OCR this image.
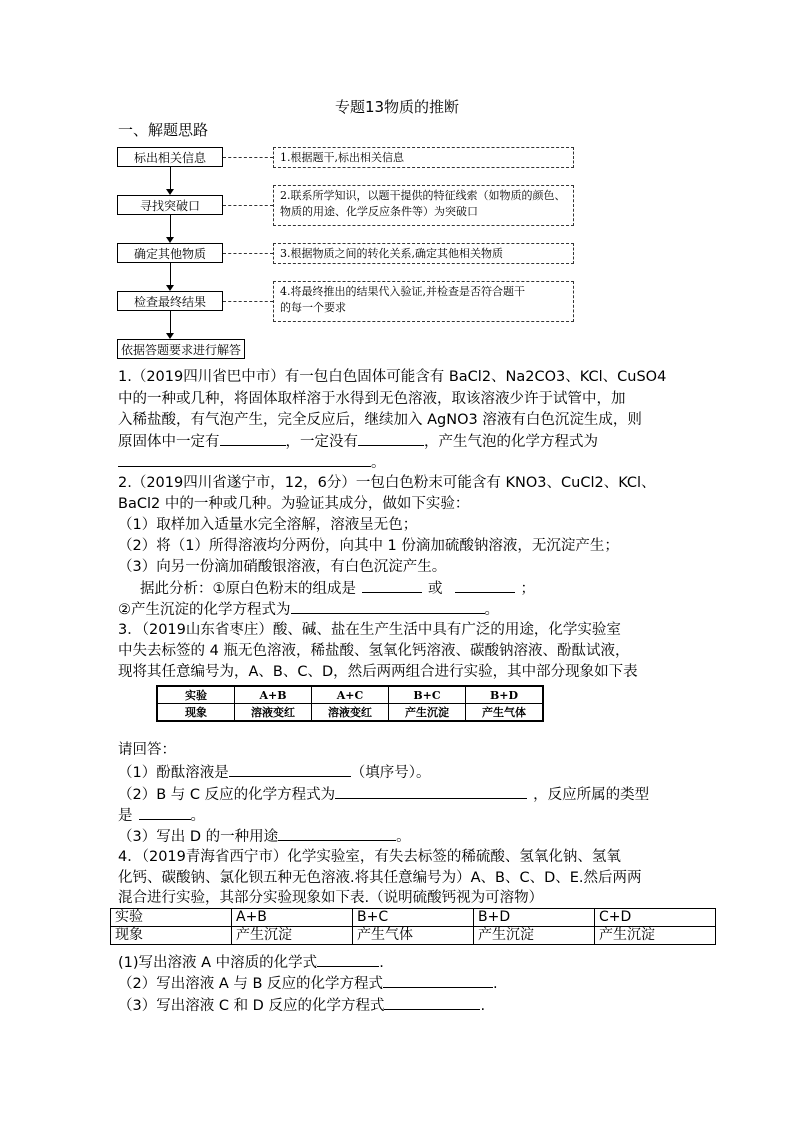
专题13物质的推断
一、解题思路
标出相关信息
寻找突破口
确定其他物质
检查最终结果
依据答题要求进行解答
1.根据题干,标出相关信息
2.联系所学知识，以题干提供的特征线索（如物质的颜色、物质的用途、化学反应条件等）为突破口
3.根据物质之间的转化关系,确定其他相关物质
4.将最终推出的结果代入验证,并检查是否符合题干的每一个要求
1.（2019四川省巴中市）有一包白色固体可能含有 BaCl2、Na2CO3、KCl、CuSO4
中的一种或几种，将固体取样溶于水得到无色溶液，取该溶液少许于试管中，加
入稀盐酸，有气泡产生，完全反应后，继续加入 AgNO3 溶液有白色沉淀生成，则
原固体中一定有	，一定没有	，产生气泡的化学方程式为
。
2.（2019四川省遂宁市，12，6分）一包白色粉末可能含有 KNO3、CuCl2、KCl、
BaCl2 中的一种或几种。为验证其成分，做如下实验：
（1）取样加入适量水完全溶解，溶液呈无色；
（2）将（1）所得溶液均分两份，向其中 1 份滴加硫酸钠溶液，无沉淀产生；
（3）向另一份滴加硝酸银溶液，有白色沉淀产生。
据此分析：①原白色粉末的组成是	或	；
②产生沉淀的化学方程式为	。
3．（2019山东省枣庄）酸、碱、盐在生产生活中具有广泛的用途，化学实验室
中失去标签的 4 瓶无色溶液，稀盐酸、氢氧化钙溶液、碳酸钠溶液、酚酞试液，
现将其任意编号为，A、B、C、D，然后两两组合进行实验，其中部分现象如下表
实验	A+B	A+C	B+C	B+D
现象	溶液变红	溶液变红	产生沉淀	产生气体
请回答：
（1）酚酞溶液是	（填序号）。
（2）B 与 C 反应的化学方程式为	，反应所属的类型
是	。
（3）写出 D 的一种用途	。
4．（2019青海省西宁市）化学实验室，有失去标签的稀硫酸、氢氧化钠、氢氧
化钙、碳酸钠、氯化钡五种无色溶液.将其任意编号为）A、B、C、D、E.然后两两
混合进行实验，其部分实验现象如下表.（说明硫酸钙视为可溶物）
实验	A+B	B+C	B+D	C+D
现象	产生沉淀	产生气体	产生沉淀	产生沉淀
(1)写出溶液 A 中溶质的化学式	.
（2）写出溶液 A 与 B 反应的化学方程式	.
（3）写出溶液 C 和 D 反应的化学方程式	.
